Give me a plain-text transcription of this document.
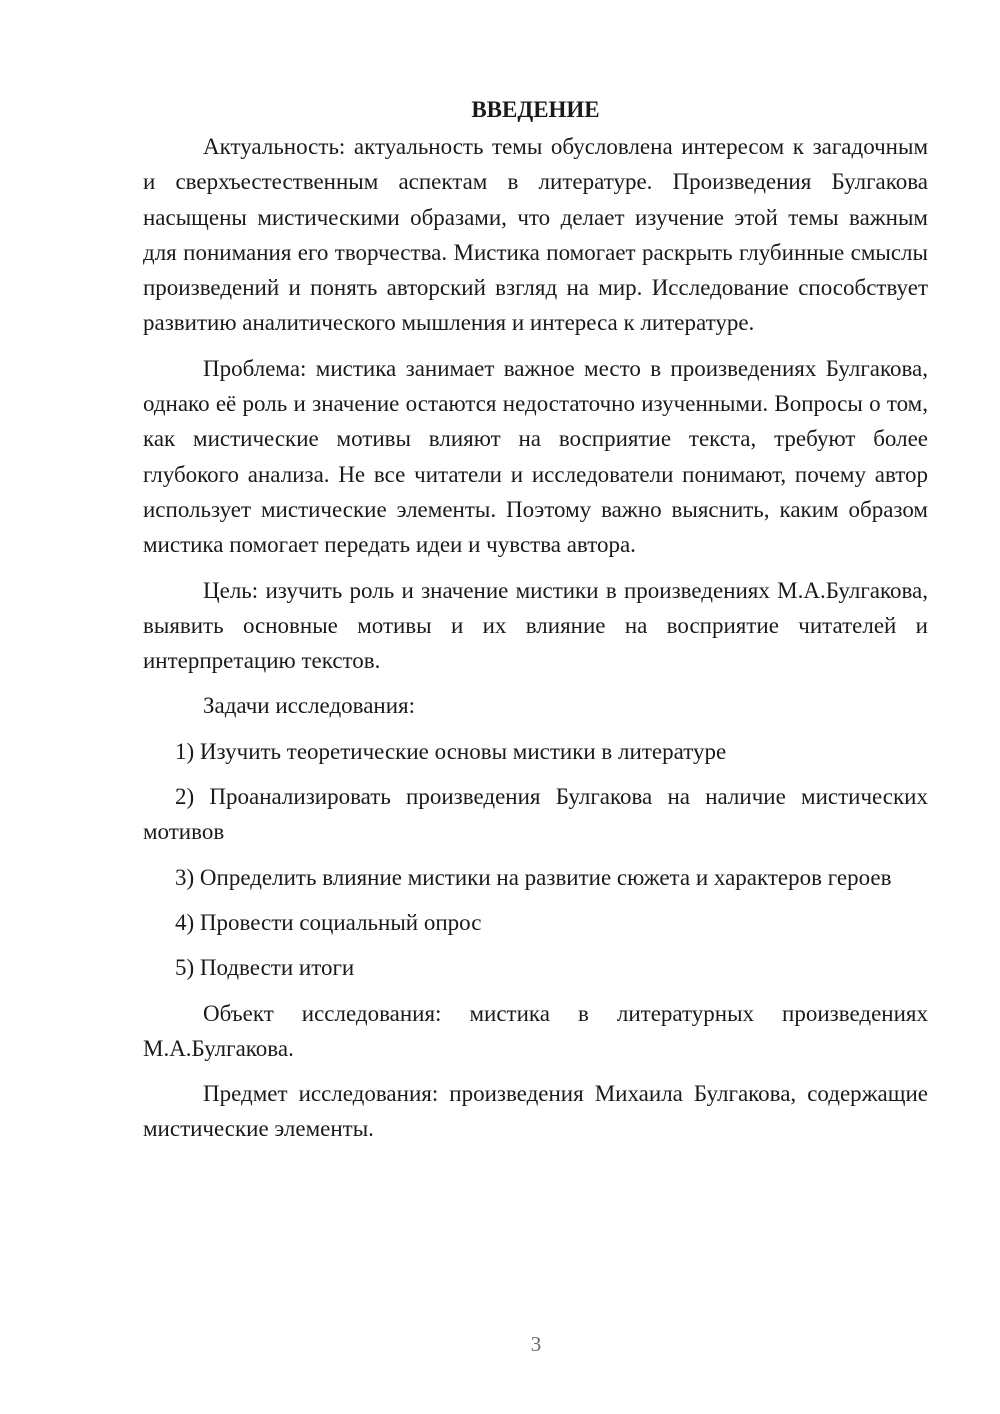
ВВЕДЕНИЕ

Актуальность: актуальность темы обусловлена интересом к загадочным и сверхъестественным аспектам в литературе. Произведения Булгакова насыщены мистическими образами, что делает изучение этой темы важным для понимания его творчества. Мистика помогает раскрыть глубинные смыслы произведений и понять авторский взгляд на мир. Исследование способствует развитию аналитического мышления и интереса к литературе.

Проблема: мистика занимает важное место в произведениях Булгакова, однако её роль и значение остаются недостаточно изученными. Вопросы о том, как мистические мотивы влияют на восприятие текста, требуют более глубокого анализа. Не все читатели и исследователи понимают, почему автор использует мистические элементы. Поэтому важно выяснить, каким образом мистика помогает передать идеи и чувства автора.

Цель: изучить роль и значение мистики в произведениях М.А.Булгакова, выявить основные мотивы и их влияние на восприятие читателей и интерпретацию текстов.

Задачи исследования:

1) Изучить теоретические основы мистики в литературе

2) Проанализировать произведения Булгакова на наличие мистических мотивов

3) Определить влияние мистики на развитие сюжета и характеров героев

4) Провести социальный опрос

5) Подвести итоги

Объект исследования: мистика в литературных произведениях М.А.Булгакова.

Предмет исследования: произведения Михаила Булгакова, содержащие мистические элементы.

3
